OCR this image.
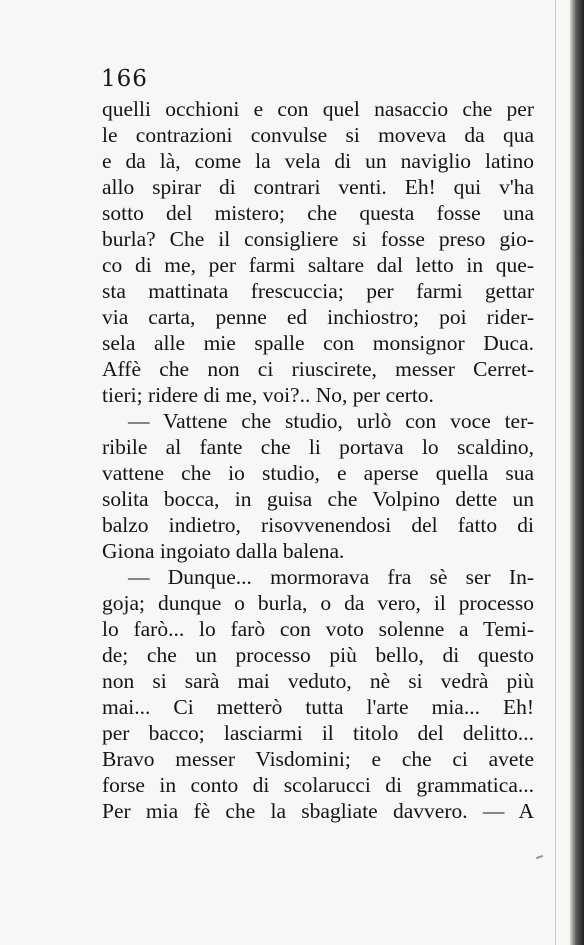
166
quelli occhioni e con quel nasaccio che per
le contrazioni convulse si moveva da qua
e da là, come la vela di un naviglio latino
allo spirar di contrari venti. Eh! qui v'ha
sotto del mistero; che questa fosse una
burla? Che il consigliere si fosse preso gio-
co di me, per farmi saltare dal letto in que-
sta mattinata frescuccia; per farmi gettar
via carta, penne ed inchiostro; poi rider-
sela alle mie spalle con monsignor Duca.
Affè che non ci riuscirete, messer Cerret-
tieri; ridere di me, voi?.. No, per certo.
— Vattene che studio, urlò con voce ter-
ribile al fante che li portava lo scaldino,
vattene che io studio, e aperse quella sua
solita bocca, in guisa che Volpino dette un
balzo indietro, risovvenendosi del fatto di
Giona ingoiato dalla balena.
— Dunque... mormorava fra sè ser In-
goja; dunque o burla, o da vero, il processo
lo farò... lo farò con voto solenne a Temi-
de; che un processo più bello, di questo
non si sarà mai veduto, nè si vedrà più
mai... Ci metterò tutta l'arte mia... Eh!
per bacco; lasciarmi il titolo del delitto...
Bravo messer Visdomini; e che ci avete
forse in conto di scolarucci di grammatica...
Per mia fè che la sbagliate davvero. — A
